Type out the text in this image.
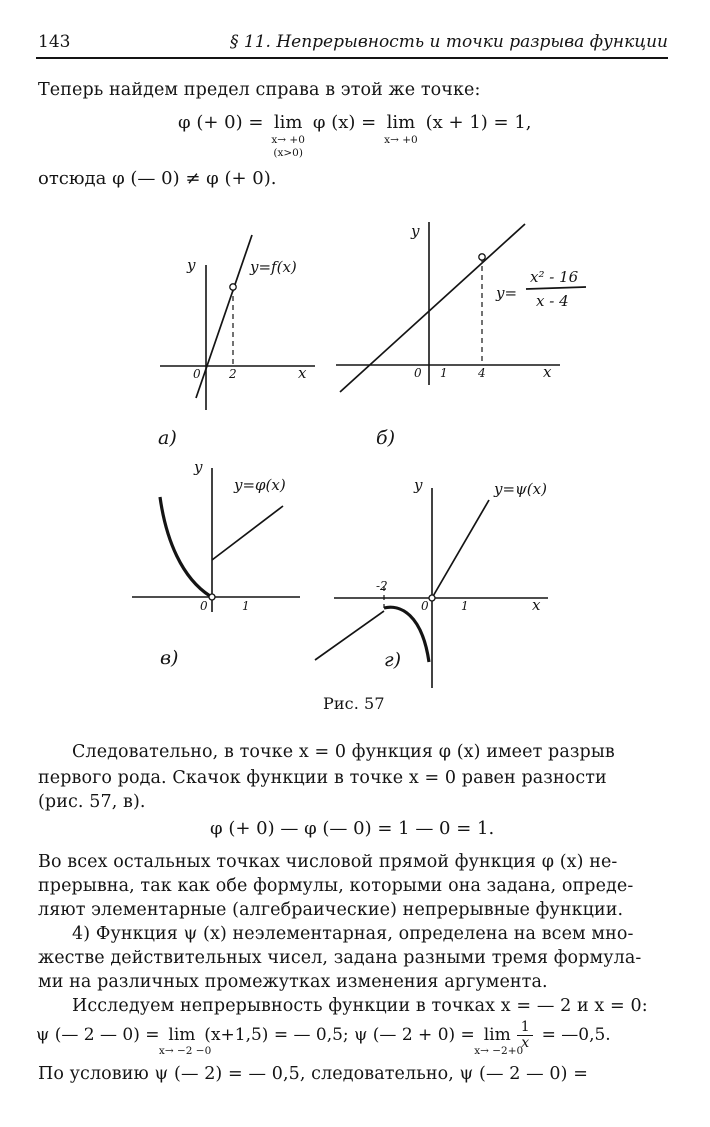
143	§ 11. Непрерывность и точки разрыва функции
Теперь найдем предел справа в этой же точке:
φ (+ 0) = lim
x→ +0
(x>0)
φ (x) = lim
x→ +0
(x + 1) = 1,
отсюда φ (— 0) ≠ φ (+ 0).
y
x
0 2
y=f(x)
а)
y
x
0 1	4
y=
x² - 16
x - 4
б)
y
0	1
y=φ(x)
в)
y
x
-2
0	1
y=ψ(x)
г)
Рис. 57
Следовательно, в точке x = 0 функция φ (x) имеет разрыв
первого рода. Скачок функции в точке x = 0 равен разности
(рис. 57, в).
φ (+ 0) — φ (— 0) = 1 — 0 = 1.
Во всех остальных точках числовой прямой функция φ (x) не-
прерывна, так как обе формулы, которыми она задана, опреде-
ляют элементарные (алгебраические) непрерывные функции.
4) Функция ψ (x) неэлементарная, определена на всем мно-
жестве действительных чисел, задана разными тремя формула-
ми на различных промежутках изменения аргумента.
Исследуем непрерывность функции в точках x = — 2 и x = 0:
ψ (— 2 — 0) = lim
x→ −2 −0
(x+1,5) = — 0,5; ψ (— 2 + 0) = lim
x→ −2+0
$\frac{1}{x}$ = —0,5.
По условию ψ (— 2) = — 0,5, следовательно, ψ (— 2 — 0) =
